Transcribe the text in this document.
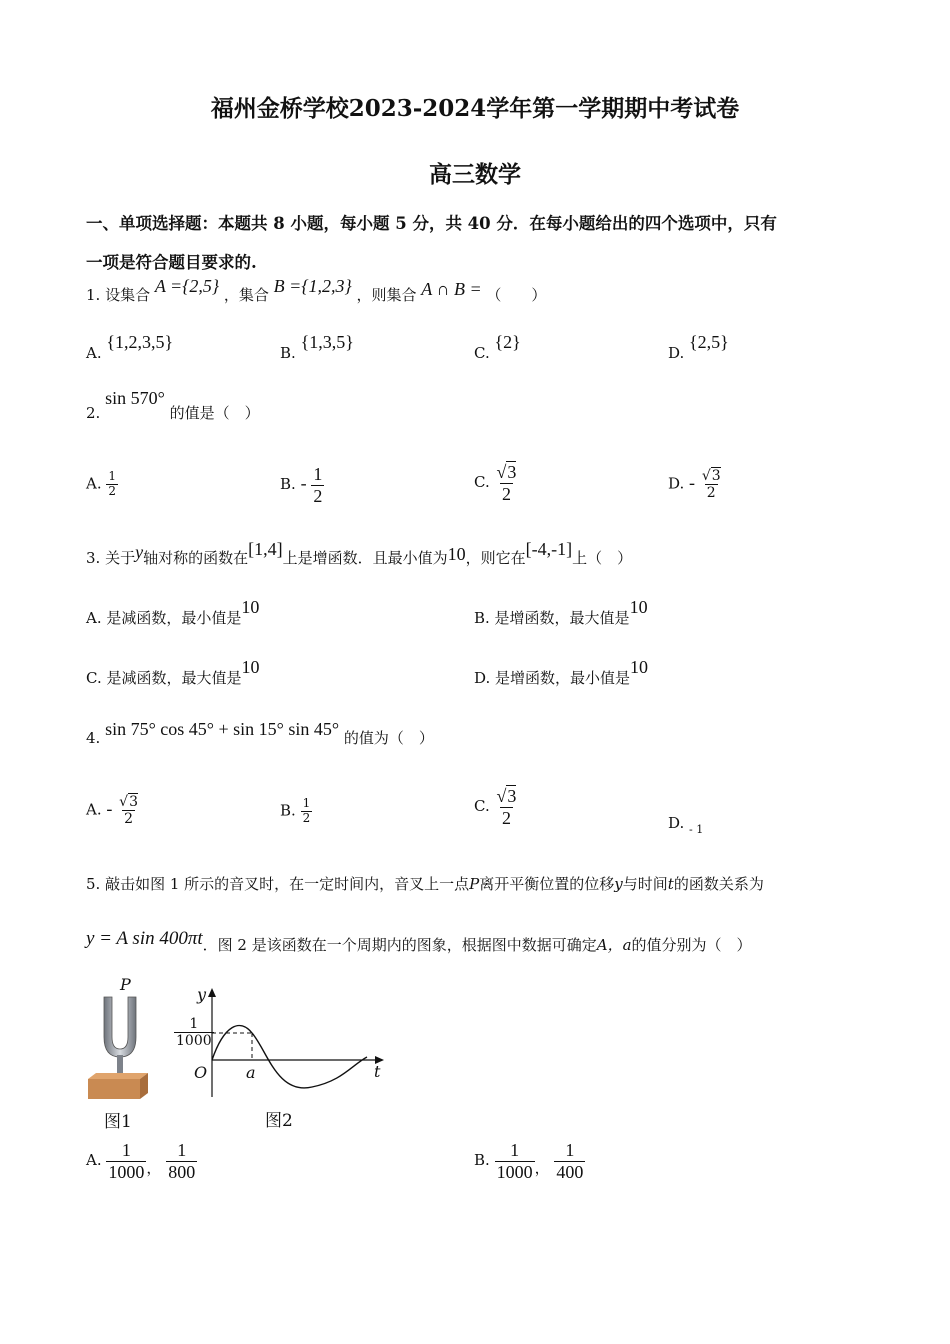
福州金桥学校2023-2024学年第一学期期中考试卷
高三数学
一、单项选择题：本题共 8 小题，每小题 5 分，共 40 分．在每小题给出的四个选项中，只有
一项是符合题目要求的.
1. 设集合 A ={2,5} ，集合 B ={1,2,3} ，则集合 A ∩ B = （　　）
A. {1,2,3,5}
B. {1,3,5}
C. {2}
D. {2,5}
2. sin 570° 的值是（　）
A. $\frac{1}{2}$	B. - $\frac{1}{2}$	C. $\frac{√3}{2}$	D. - $\frac{√3}{2}$
3. 关于y轴对称的函数在[1,4]上是增函数．且最小值为10，则它在[-4,-1]上（　）
A. 是减函数，最小值是10
B. 是增函数，最大值是10
C. 是减函数，最大值是10
D. 是增函数，最小值是10
4. sin 75° cos 45° + sin 15° sin 45° 的值为（　）
A. - $\frac{√3}{2}$	B. $\frac{1}{2}$	C. $\frac{√3}{2}$	D. $_{- 1}$
5. 敲击如图 1 所示的音叉时，在一定时间内，音叉上一点P离开平衡位置的位移y与时间t的函数关系为
y = A sin 400πt．图 2 是该函数在一个周期内的图象，根据图中数据可确定A，a的值分别为（　）
P
图1
y
t
O a
$\frac{1}{1000}$
图2
A. $\frac{1}{1000}$ ， $\frac{1}{800}$	B. $\frac{1}{1000}$ ， $\frac{1}{400}$
